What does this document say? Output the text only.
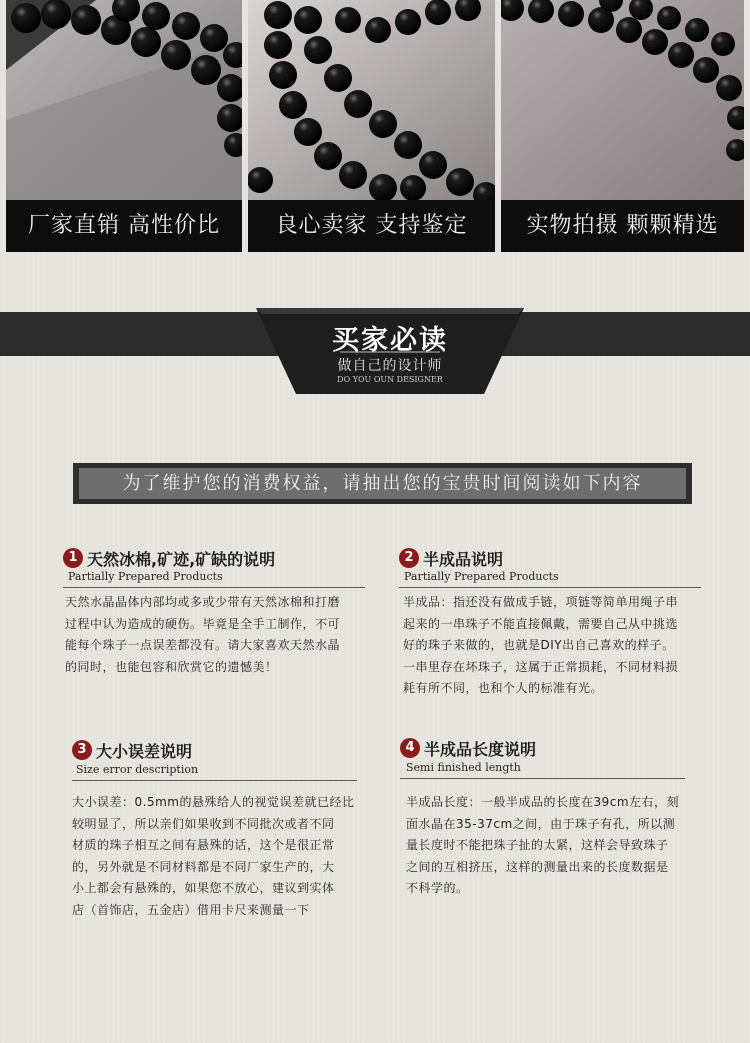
厂家直销 高性价比	良心卖家 支持鉴定	实物拍摄 颗颗精选
买家必读
做自己的设计师
DO YOU OUN DESIGNER
为了维护您的消费权益，请抽出您的宝贵时间阅读如下内容
1 天然冰棉,矿迹,矿缺的说明
Partially Prepared Products
天然水晶晶体内部均或多或少带有天然冰棉和打磨
过程中认为造成的硬伤。毕竟是全手工制作，不可
能每个珠子一点误差都没有。请大家喜欢天然水晶
的同时，也能包容和欣赏它的遗憾美！
2 半成品说明
Partially Prepared Products
半成品：指还没有做成手链，项链等简单用绳子串
起来的一串珠子不能直接佩戴，需要自己从中挑选
好的珠子来做的，也就是DIY出自己喜欢的样子。
一串里存在坏珠子，这属于正常损耗，不同材料损
耗有所不同，也和个人的标准有光。
3 大小误差说明
Size error description
大小误差：0.5mm的悬殊给人的视觉误差就已经比
较明显了，所以亲们如果收到不同批次或者不同
材质的珠子相互之间有悬殊的话，这个是很正常
的，另外就是不同材料都是不同厂家生产的，大
小上都会有悬殊的，如果您不放心，建议到实体
店（首饰店，五金店）借用卡尺来测量一下
4 半成品长度说明
Semi finished length
半成品长度：一般半成品的长度在39cm左右，刻
面水晶在35-37cm之间，由于珠子有孔，所以测
量长度时不能把珠子扯的太紧，这样会导致珠子
之间的互相挤压，这样的测量出来的长度数据是
不科学的。
